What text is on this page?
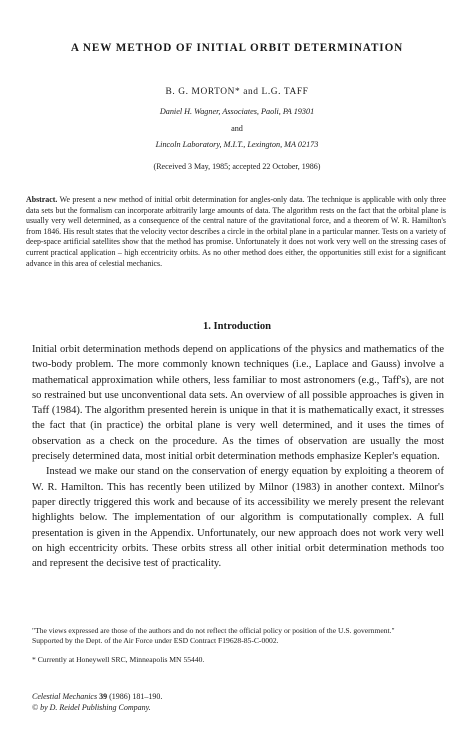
A NEW METHOD OF INITIAL ORBIT DETERMINATION
B. G. MORTON* and L.G. TAFF
Daniel H. Wagner, Associates, Paoli, PA 19301
and
Lincoln Laboratory, M.I.T., Lexington, MA 02173
(Received 3 May, 1985; accepted 22 October, 1986)
Abstract. We present a new method of initial orbit determination for angles-only data. The technique is applicable with only three data sets but the formalism can incorporate arbitrarily large amounts of data. The algorithm rests on the fact that the orbital plane is usually very well determined, as a consequence of the central nature of the gravitational force, and a theorem of W. R. Hamilton's from 1846. His result states that the velocity vector describes a circle in the orbital plane in a particular manner. Tests on a variety of deep-space artificial satellites show that the method has promise. Unfortunately it does not work very well on the stressing cases of current practical application – high eccentricity orbits. As no other method does either, the opportunities still exist for a significant advance in this area of celestial mechanics.
1. Introduction

Initial orbit determination methods depend on applications of the physics and mathematics of the two-body problem. The more commonly known techniques (i.e., Laplace and Gauss) involve a mathematical approximation while others, less familiar to most astronomers (e.g., Taff's), are not so restrained but use unconventional data sets. An overview of all possible approaches is given in Taff (1984). The algorithm presented herein is unique in that it is mathematically exact, it stresses the fact that (in practice) the orbital plane is very well determined, and it uses the times of observation as a check on the procedure. As the times of observation are usually the most precisely determined data, most initial orbit determination methods emphasize Kepler's equation.

Instead we make our stand on the conservation of energy equation by exploiting a theorem of W. R. Hamilton. This has recently been utilized by Milnor (1983) in another context. Milnor's paper directly triggered this work and because of its accessibility we merely present the relevant highlights below. The implementation of our algorithm is computationally complex. A full presentation is given in the Appendix. Unfortunately, our new approach does not work very well on high eccentricity orbits. These orbits stress all other initial orbit determination methods too and represent the decisive test of practicality.

"The views expressed are those of the authors and do not reflect the official policy or position of the U.S. government."

Supported by the Dept. of the Air Force under ESD Contract F19628-85-C-0002.

* Currently at Honeywell SRC, Minneapolis MN 55440.

Celestial Mechanics 39 (1986) 181–190.
© by D. Reidel Publishing Company.
